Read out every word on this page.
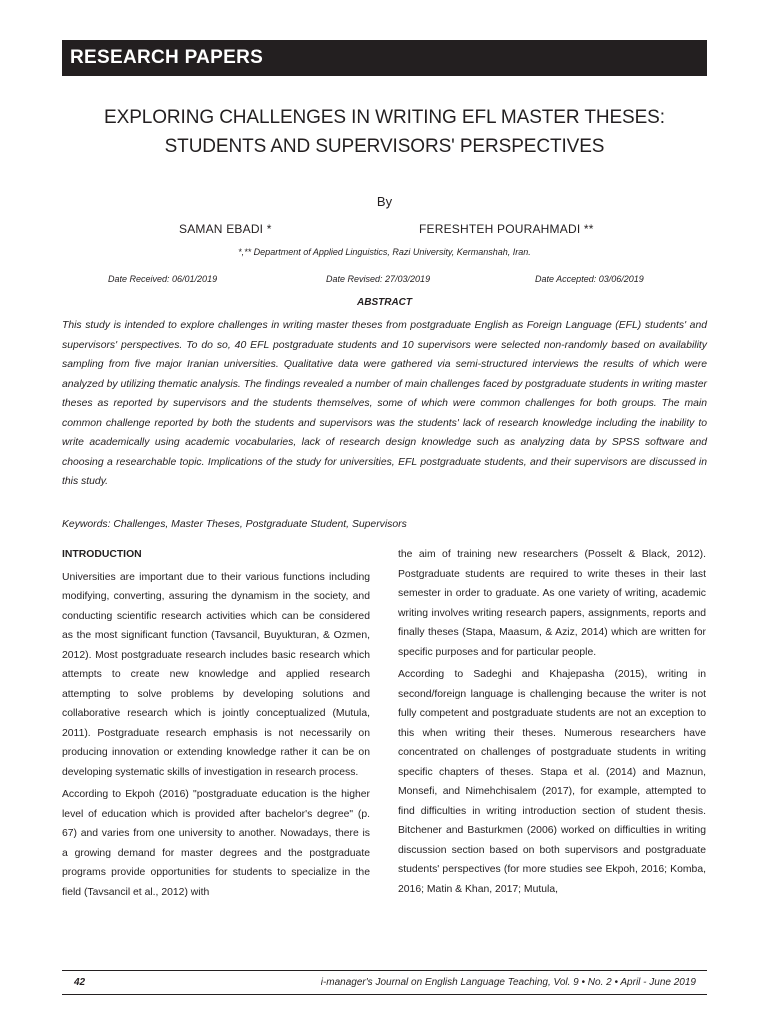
RESEARCH PAPERS
EXPLORING CHALLENGES IN WRITING EFL MASTER THESES:
STUDENTS AND SUPERVISORS' PERSPECTIVES
By
SAMAN EBADI *	FERESHTEH POURAHMADI **
*,** Department of Applied Linguistics, Razi University, Kermanshah, Iran.
Date Received: 06/01/2019	Date Revised: 27/03/2019	Date Accepted: 03/06/2019
ABSTRACT

This study is intended to explore challenges in writing master theses from postgraduate English as Foreign Language (EFL) students' and supervisors' perspectives. To do so, 40 EFL postgraduate students and 10 supervisors were selected non-randomly based on availability sampling from five major Iranian universities. Qualitative data were gathered via semi-structured interviews the results of which were analyzed by utilizing thematic analysis. The findings revealed a number of main challenges faced by postgraduate students in writing master theses as reported by supervisors and the students themselves, some of which were common challenges for both groups. The main common challenge reported by both the students and supervisors was the students' lack of research knowledge including the inability to write academically using academic vocabularies, lack of research design knowledge such as analyzing data by SPSS software and choosing a researchable topic. Implications of the study for universities, EFL postgraduate students, and their supervisors are discussed in this study.

Keywords: Challenges, Master Theses, Postgraduate Student, Supervisors
INTRODUCTION

Universities are important due to their various functions including modifying, converting, assuring the dynamism in the society, and conducting scientific research activities which can be considered as the most significant function (Tavsancil, Buyukturan, & Ozmen, 2012). Most postgraduate research includes basic research which attempts to create new knowledge and applied research attempting to solve problems by developing solutions and collaborative research which is jointly conceptualized (Mutula, 2011). Postgraduate research emphasis is not necessarily on producing innovation or extending knowledge rather it can be on developing systematic skills of investigation in research process.

According to Ekpoh (2016) "postgraduate education is the higher level of education which is provided after bachelor's degree" (p. 67) and varies from one university to another. Nowadays, there is a growing demand for master degrees and the postgraduate programs provide opportunities for students to specialize in the field (Tavsancil et al., 2012) with

the aim of training new researchers (Posselt & Black, 2012). Postgraduate students are required to write theses in their last semester in order to graduate. As one variety of writing, academic writing involves writing research papers, assignments, reports and finally theses (Stapa, Maasum, & Aziz, 2014) which are written for specific purposes and for particular people.

According to Sadeghi and Khajepasha (2015), writing in second/foreign language is challenging because the writer is not fully competent and postgraduate students are not an exception to this when writing their theses. Numerous researchers have concentrated on challenges of postgraduate students in writing specific chapters of theses. Stapa et al. (2014) and Maznun, Monsefi, and Nimehchisalem (2017), for example, attempted to find difficulties in writing introduction section of student thesis. Bitchener and Basturkmen (2006) worked on difficulties in writing discussion section based on both supervisors and postgraduate students' perspectives (for more studies see Ekpoh, 2016; Komba, 2016; Matin & Khan, 2017; Mutula,

42	i-manager's Journal on English Language Teaching, Vol. 9 • No. 2 • April - June 2019
